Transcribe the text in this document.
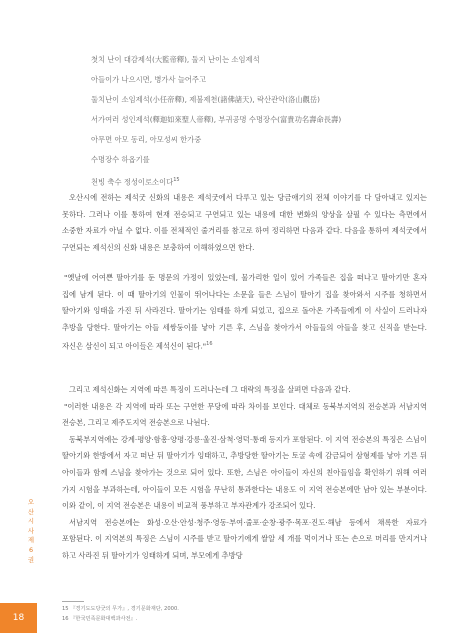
첫치 난이 대감제석(大監帝釋), 둘지 난이는 소임제석
아들이가 나으시면, 병가사 늘어주고
둘치난이 소임제석(小任帝釋), 제불제천(諸佛諸天), 락산관악(洛山觀岳)
서가여러 성인제석(釋迦如來聖人帝釋), 부귀공명 수명장수(富貴功名壽命長壽)
아무면 아모 동리, 아모성씨 한가중
수명장수 하옵기를
천빙 축수 정성이로소이다$^{15}$

오산시에 전하는 제석굿 신화의 내용은 제석굿에서 다루고 있는 당금애기의 전체 이야기를 다 담아내고 있지는 못하다. 그러나 이를 통하여 현재 전승되고 구연되고 있는 내용에 대한 변화의 양상을 살필 수 있다는 측면에서 소중한 자료가 아닐 수 없다. 이를 전체적인 줄거리를 참고로 하여 정리하면 다음과 같다. 다음을 통하여 제석굿에서 구연되는 제석신의 신화 내용은 보충하여 이해하였으면 한다.

"옛날에 어여쁜 딸아기를 둔 명문의 가정이 있었는데, 물가리한 일이 있어 가족들은 집을 떠나고 딸아기만 혼자 집에 남게 된다. 이 때 딸아기의 인물이 뛰어나다는 소문을 들은 스님이 딸아기 집을 찾아와서 시주를 청하면서 딸아기와 잉태을 가진 뒤 사라진다. 딸아기는 임태를 하게 되었고, 집으로 돌아온 가족들에게 이 사실이 드러나자 추방을 당한다. 딸아기는 아들 세쌍둥이를 낳아 기른 후, 스님을 찾아가서 아들들의 아들을 찾고 신직을 받는다. 자신은 삼신이 되고 아이들은 제석신이 된다."$^{16}$

그리고 제석신화는 지역에 따른 특징이 드러나는데 그 대략의 특징을 살펴면 다음과 같다.

"이러한 내용은 각 지역에 따라 또는 구연한 무당에 따라 차이를 보인다. 대체로 동북부지역의 전승본과 서남지역 전승본, 그리고 제주도지역 전승본으로 나뉜다.

동북부지역에는 강계·평양·함흥·양평·강릉·울진·삼척·영덕·통래 등지가 포함된다. 이 지역 전승본의 특징은 스님이 딸아기와 한방에서 자고 떠난 뒤 딸아기가 잉태하고, 추방당한 딸아기는 토굴 속에 감금되어 삼형제를 낳아 기른 뒤 아이들과 함께 스님을 찾아가는 것으로 되어 있다. 또한, 스님은 아이들이 자신의 친아들임을 확인하기 위해 여러 가지 시험을 부과하는데, 아이들이 모든 시험을 무난히 통과한다는 내용도 이 지역 전승본에만 남아 있는 부분이다. 이와 같이, 이 지역 전승본은 내용이 비교적 풍부하고 부자관계가 강조되어 있다.

서남지역 전승본에는 화성·오산·안성·청주·영동·부여·줄포·순창·광주·목포·진도·해남 등에서 채록한 자료가 포함된다. 이 지역본의 특징은 스님이 시주를 받고 딸아기에게 쌀알 세 개를 먹이거나 또는 손으로 머리를 만지거나 하고 사라진 뒤 딸아기가 잉태하게 되며, 부모에게 추방당

오산시사 제6권
18
15 『경기도도당굿의 무가』, 경기문화재단, 2000.
16 『한국민족문화대백과사전』.
